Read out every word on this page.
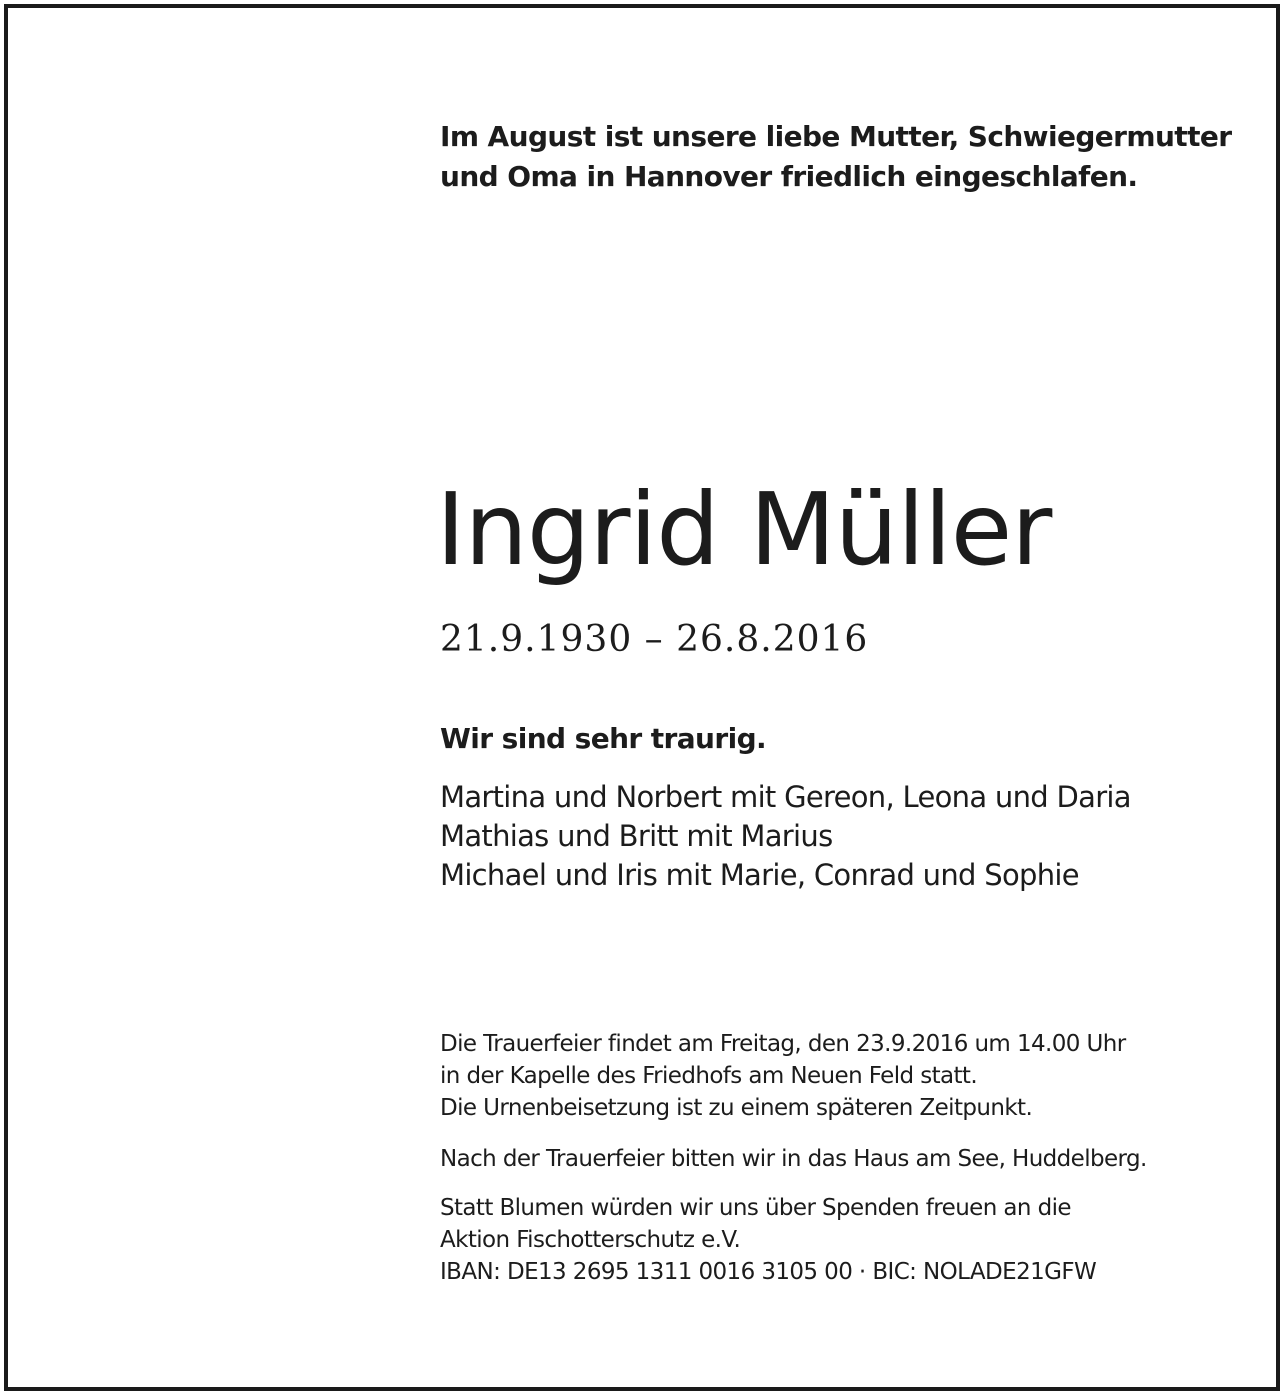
Im August ist unsere liebe Mutter, Schwiegermutter
und Oma in Hannover friedlich eingeschlafen.
Ingrid Müller
21.9.1930 – 26.8.2016
Wir sind sehr traurig.
Martina und Norbert mit Gereon, Leona und Daria
Mathias und Britt mit Marius
Michael und Iris mit Marie, Conrad und Sophie
Die Trauerfeier findet am Freitag, den 23.9.2016 um 14.00 Uhr
in der Kapelle des Friedhofs am Neuen Feld statt.
Die Urnenbeisetzung ist zu einem späteren Zeitpunkt.
Nach der Trauerfeier bitten wir in das Haus am See, Huddelberg.
Statt Blumen würden wir uns über Spenden freuen an die
Aktion Fischotterschutz e.V.
IBAN: DE13 2695 1311 0016 3105 00 · BIC: NOLADE21GFW
